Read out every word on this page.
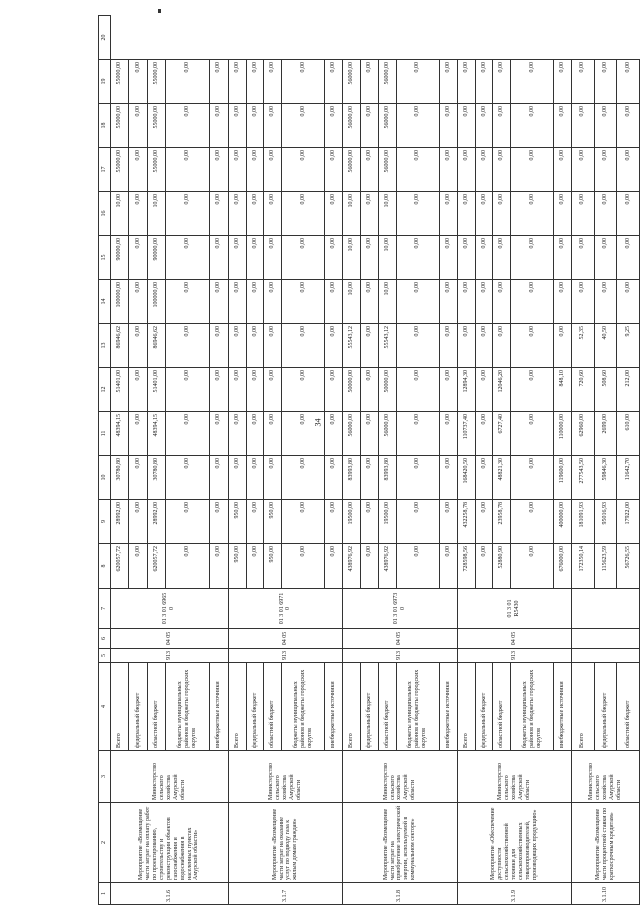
34
1	2	3	4	5	6	7	8	9	10	11	12	13	14	15	16	17	18	19	20
3.1.6	Мероприятие «Возмещение части затрат на оплату работ по проектированию, строительству и реконструкции объектов газоснабжения и водоснабжения в населенных пунктах Амурской области»	Министерство сельского хозяйства Амурской области	Всего	913	04 05	01 3 01 6965 0	620057,72	28992,00	30780,80	48394,15	51401,00	86946,62	100000,00	90000,00	10,00	55000,00	55000,00	55000,00	
			федеральный бюджет				0,00	0,00	0,00	0,00	0,00	0,00	0,00	0,00	0,00	0,00	0,00	0,00	
			областной бюджет				620057,72	28992,00	30780,80	48394,15	51401,00	86946,62	100000,00	90000,00	10,00	55000,00	55000,00	55000,00	
			бюджеты муниципальных районов и бюджеты городских округов				0,00	0,00	0,00	0,00	0,00	0,00	0,00	0,00	0,00	0,00	0,00	0,00	
			внебюджетные источники				0,00	0,00	0,00	0,00	0,00	0,00	0,00	0,00	0,00	0,00	0,00	0,00	
3.1.7	Мероприятие «Возмещение части затрат на оказание услуг по подводу газа к жилым домам граждан»	Министерство сельского хозяйства Амурской области	Всего	913	04 05	01 3 01 6971 0	950,00	950,00	0,00	0,00	0,00	0,00	0,00	0,00	0,00	0,00	0,00	0,00	
			федеральный бюджет				0,00	0,00	0,00	0,00	0,00	0,00	0,00	0,00	0,00	0,00	0,00	0,00	
			областной бюджет				950,00	950,00	0,00	0,00	0,00	0,00	0,00	0,00	0,00	0,00	0,00	0,00	
			бюджеты муниципальных районов и бюджеты городских округов				0,00	0,00	0,00	0,00	0,00	0,00	0,00	0,00	0,00	0,00	0,00	0,00	
			внебюджетные источники				0,00	0,00	0,00	0,00	0,00	0,00	0,00	0,00	0,00	0,00	0,00	0,00	
3.1.8	Мероприятие «Возмещение части затрат на приобретение электрической энергии, используемой в коммунальном секторе»	Министерство сельского хозяйства Амурской области	Всего	913	04 05	01 3 01 6973 0	438976,92	19500,00	83993,80	56000,00	50000,00	55543,12	10,00	10,00	10,00	56000,00	56000,00	56000,00	
			федеральный бюджет				0,00	0,00	0,00	0,00	0,00	0,00	0,00	0,00	0,00	0,00	0,00	0,00	
			областной бюджет				438976,92	19500,00	83993,80	56000,00	50000,00	55543,12	10,00	10,00	10,00	56000,00	56000,00	56000,00	
			бюджеты муниципальных районов и бюджеты городских округов				0,00	0,00	0,00	0,00	0,00	0,00	0,00	0,00	0,00	0,00	0,00	0,00	
			внебюджетные источники				0,00	0,00	0,00	0,00	0,00	0,00	0,00	0,00	0,00	0,00	0,00	0,00	
3.1.9	Мероприятие «Обеспечение доступности сельскохозяйственной техники для сельскохозяйственных товаропроизводителей, производящих продукцию»	Министерство сельского хозяйства Амурской области	Всего	913	04 05	01 3 01 R5430	728598,56	432258,78	168420,50	110737,40	12894,30	0,00	0,00	0,00	0,00	0,00	0,00	0,00	
			федеральный бюджет				0,00	0,00	0,00	0,00	0,00	0,00	0,00	0,00	0,00	0,00	0,00	0,00	
			областной бюджет				52880,90	23958,78	48821,30	6727,40	12046,20	0,00	0,00	0,00	0,00	0,00	0,00	0,00	
			бюджеты муниципальных районов и бюджеты городских округов				0,00	0,00	0,00	0,00	0,00	0,00	0,00	0,00	0,00	0,00	0,00	0,00	
			внебюджетные источники				676000,00	400000,00	119600,00	110000,00	848,10	0,00	0,00	0,00	0,00	0,00	0,00	0,00	
3.1.10	Мероприятие «Возмещение части процентной ставки по краткосрочным кредитам»	Министерство сельского хозяйства Амурской области	Всего				172350,14	181091,93	277543,50	62960,00	720,60	52,35	0,00	0,00	0,00	0,00	0,00	0,00	
			федеральный бюджет				115623,59	95016,93	59846,30	2699,00	508,60	40,50	0,00	0,00	0,00	0,00	0,00	0,00	
			областной бюджет				56726,55	17922,00	11642,70	610,00	212,00	9,25	0,00	0,00	0,00	0,00	0,00	0,00	
